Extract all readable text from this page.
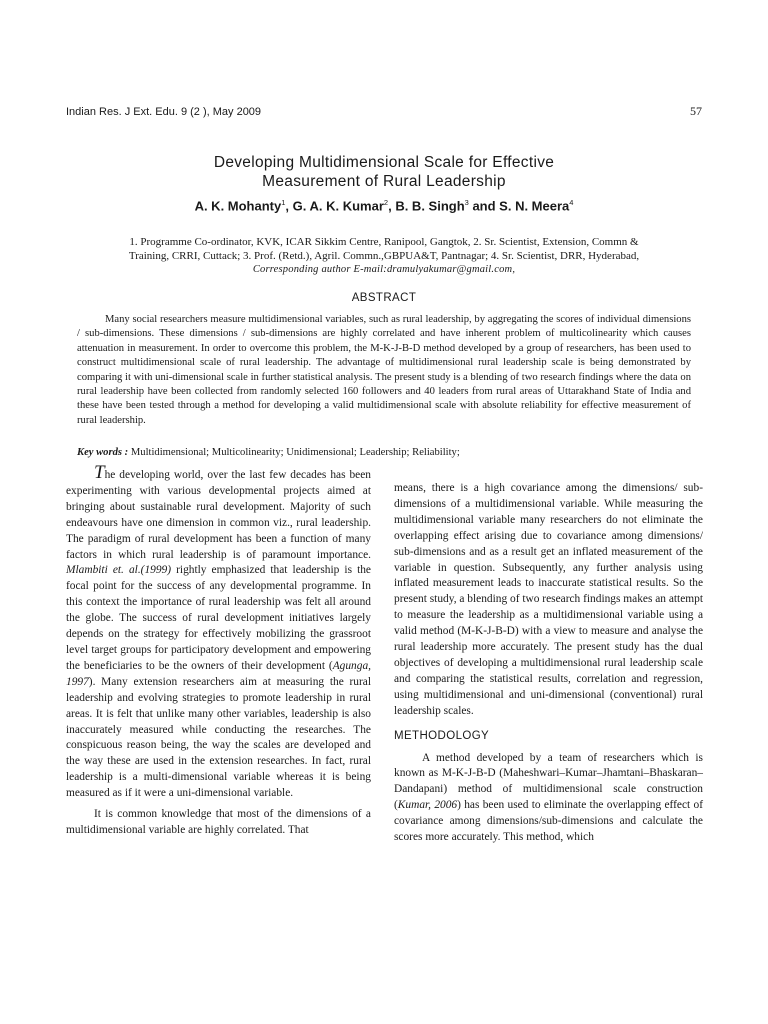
Indian Res. J Ext. Edu. 9 (2 ), May 2009	57
Developing Multidimensional Scale for Effective
Measurement of Rural Leadership
A. K. Mohanty$^1$, G. A. K. Kumar$^2$, B. B. Singh$^3$ and S. N. Meera$^4$
1. Programme Co-ordinator, KVK, ICAR Sikkim Centre, Ranipool, Gangtok, 2. Sr. Scientist, Extension, Commn &
Training, CRRI, Cuttack; 3. Prof. (Retd.), Agril. Commn.,GBPUA&T, Pantnagar; 4. Sr. Scientist, DRR, Hyderabad,
Corresponding author E-mail:dramulyakumar@gmail.com,
ABSTRACT

Many social researchers measure multidimensional variables, such as rural leadership, by aggregating the scores of individual dimensions / sub-dimensions. These dimensions / sub-dimensions are highly correlated and have inherent problem of multicolinearity which causes attenuation in measurement. In order to overcome this problem, the M-K-J-B-D method developed by a group of researchers, has been used to construct multidimensional scale of rural leadership. The advantage of multidimensional rural leadership scale is being demonstrated by comparing it with uni-dimensional scale in further statistical analysis. The present study is a blending of two research findings where the data on rural leadership have been collected from randomly selected 160 followers and 40 leaders from rural areas of Uttarakhand State of India and these have been tested through a method for developing a valid multidimensional scale with absolute reliability for effective measurement of rural leadership.

Key words : Multidimensional; Multicolinearity; Unidimensional; Leadership; Reliability;

The developing world, over the last few decades has been experimenting with various developmental projects aimed at bringing about sustainable rural development. Majority of such endeavours have one dimension in common viz., rural leadership. The paradigm of rural development has been a function of many factors in which rural leadership is of paramount importance. Mlambiti et. al.(1999) rightly emphasized that leadership is the focal point for the success of any developmental programme. In this context the importance of rural leadership was felt all around the globe. The success of rural development initiatives largely depends on the strategy for effectively mobilizing the grassroot level target groups for participatory development and empowering the beneficiaries to be the owners of their development (Agunga, 1997). Many extension researchers aim at measuring the rural leadership and evolving strategies to promote leadership in rural areas. It is felt that unlike many other variables, leadership is also inaccurately measured while conducting the researches. The conspicuous reason being, the way the scales are developed and the way these are used in the extension researches. In fact, rural leadership is a multi-dimensional variable whereas it is being measured as if it were a uni-dimensional variable.

It is common knowledge that most of the dimensions of a multidimensional variable are highly correlated. That

means, there is a high covariance among the dimensions/ sub-dimensions of a multidimensional variable. While measuring the multidimensional variable many researchers do not eliminate the overlapping effect arising due to covariance among dimensions/ sub-dimensions and as a result get an inflated measurement of the variable in question. Subsequently, any further analysis using inflated measurement leads to inaccurate statistical results. So the present study, a blending of two research findings makes an attempt to measure the leadership as a multidimensional variable using a valid method (M-K-J-B-D) with a view to measure and analyse the rural leadership more accurately. The present study has the dual objectives of developing a multidimensional rural leadership scale and comparing the statistical results, correlation and regression, using multidimensional and uni-dimensional (conventional) rural leadership scales.

METHODOLOGY

A method developed by a team of researchers which is known as M-K-J-B-D (Maheshwari–Kumar–Jhamtani–Bhaskaran–Dandapani) method of multidimensional scale construction (Kumar, 2006) has been used to eliminate the overlapping effect of covariance among dimensions/sub-dimensions and calculate the scores more accurately. This method, which
